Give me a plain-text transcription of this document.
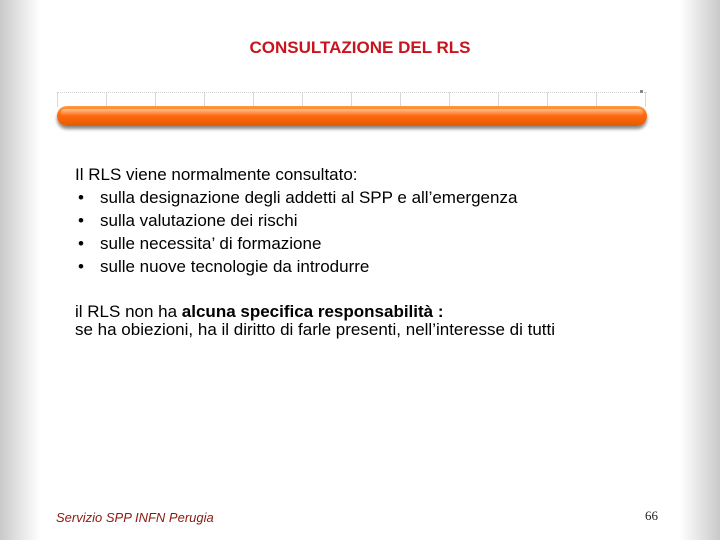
CONSULTAZIONE DEL RLS
Il RLS viene normalmente consultato:
• sulla designazione degli addetti al SPP e all’emergenza
• sulla valutazione dei rischi
• sulle necessita’ di formazione
• sulle nuove tecnologie da introdurre
il RLS non ha alcuna specifica responsabilità :
se ha obiezioni, ha il diritto di farle presenti, nell’interesse di tutti
Servizio SPP INFN Perugia	66
